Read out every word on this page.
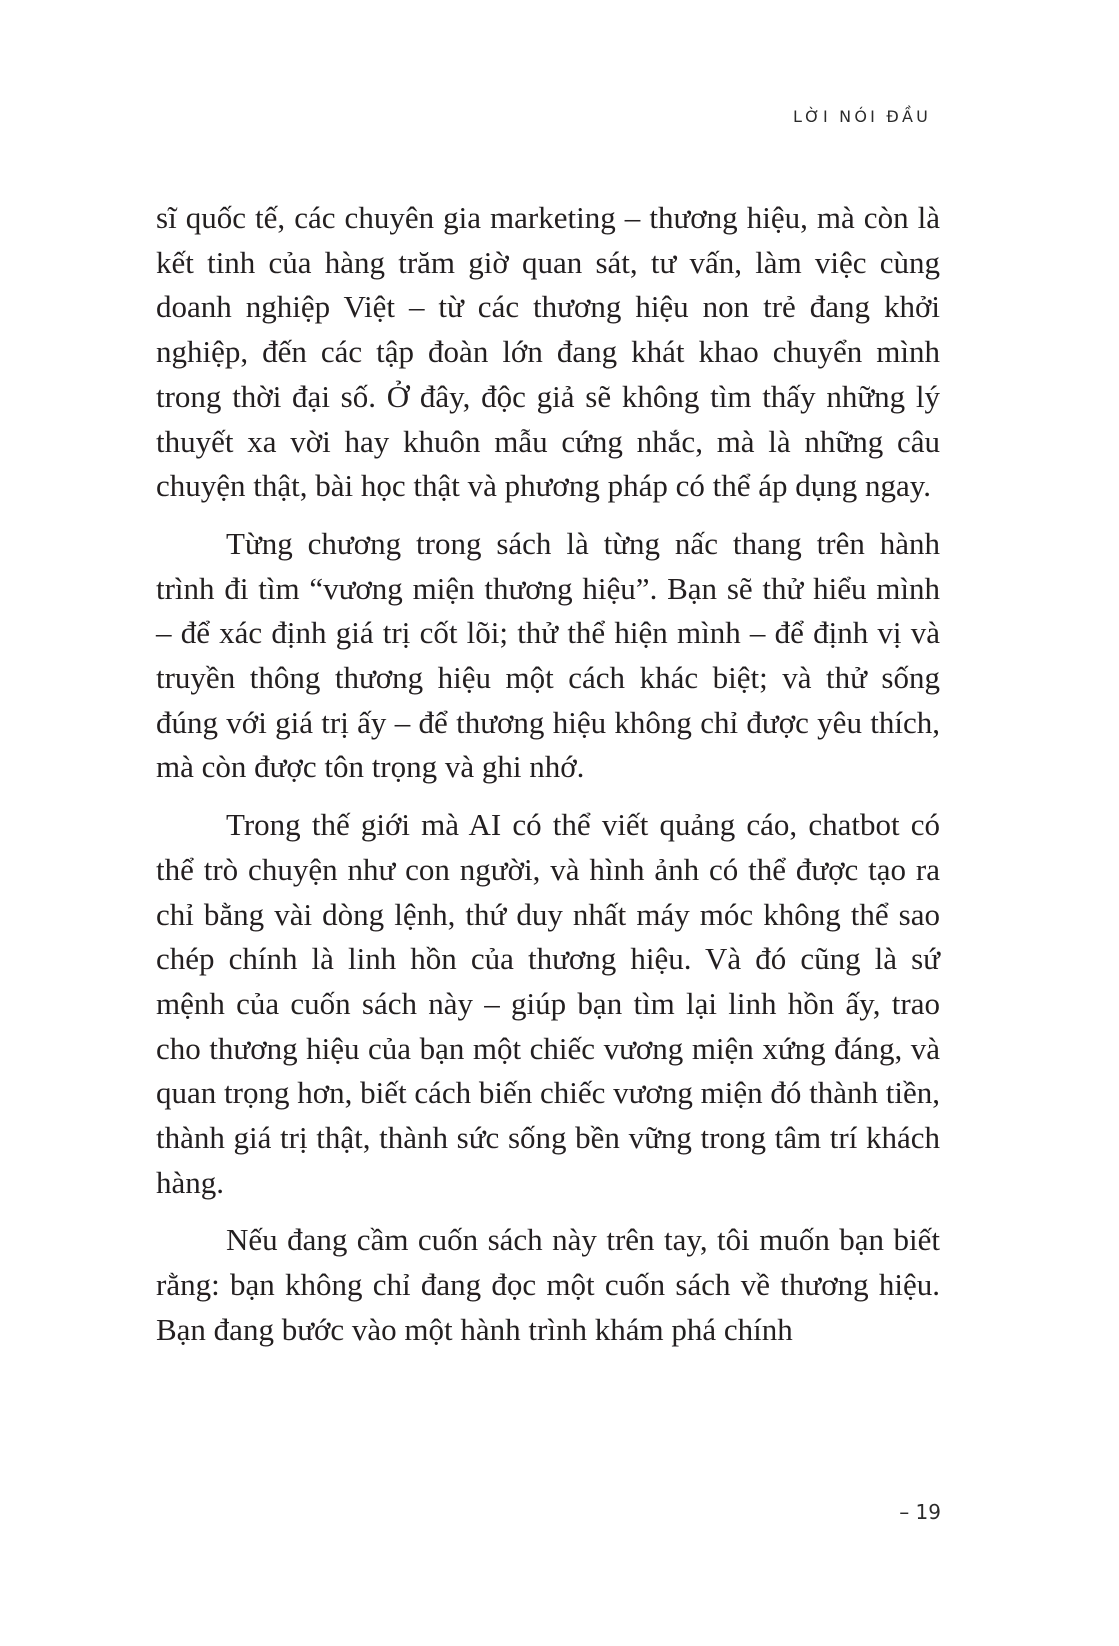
LỜI NÓI ĐẦU

sĩ quốc tế, các chuyên gia marketing – thương hiệu, mà còn là kết tinh của hàng trăm giờ quan sát, tư vấn, làm việc cùng doanh nghiệp Việt – từ các thương hiệu non trẻ đang khởi nghiệp, đến các tập đoàn lớn đang khát khao chuyển mình trong thời đại số. Ở đây, độc giả sẽ không tìm thấy những lý thuyết xa vời hay khuôn mẫu cứng nhắc, mà là những câu chuyện thật, bài học thật và phương pháp có thể áp dụng ngay.

Từng chương trong sách là từng nấc thang trên hành trình đi tìm “vương miện thương hiệu”. Bạn sẽ thử hiểu mình – để xác định giá trị cốt lõi; thử thể hiện mình – để định vị và truyền thông thương hiệu một cách khác biệt; và thử sống đúng với giá trị ấy – để thương hiệu không chỉ được yêu thích, mà còn được tôn trọng và ghi nhớ.

Trong thế giới mà AI có thể viết quảng cáo, chatbot có thể trò chuyện như con người, và hình ảnh có thể được tạo ra chỉ bằng vài dòng lệnh, thứ duy nhất máy móc không thể sao chép chính là linh hồn của thương hiệu. Và đó cũng là sứ mệnh của cuốn sách này – giúp bạn tìm lại linh hồn ấy, trao cho thương hiệu của bạn một chiếc vương miện xứng đáng, và quan trọng hơn, biết cách biến chiếc vương miện đó thành tiền, thành giá trị thật, thành sức sống bền vững trong tâm trí khách hàng.

Nếu đang cầm cuốn sách này trên tay, tôi muốn bạn biết rằng: bạn không chỉ đang đọc một cuốn sách về thương hiệu. Bạn đang bước vào một hành trình khám phá chính

– 19
